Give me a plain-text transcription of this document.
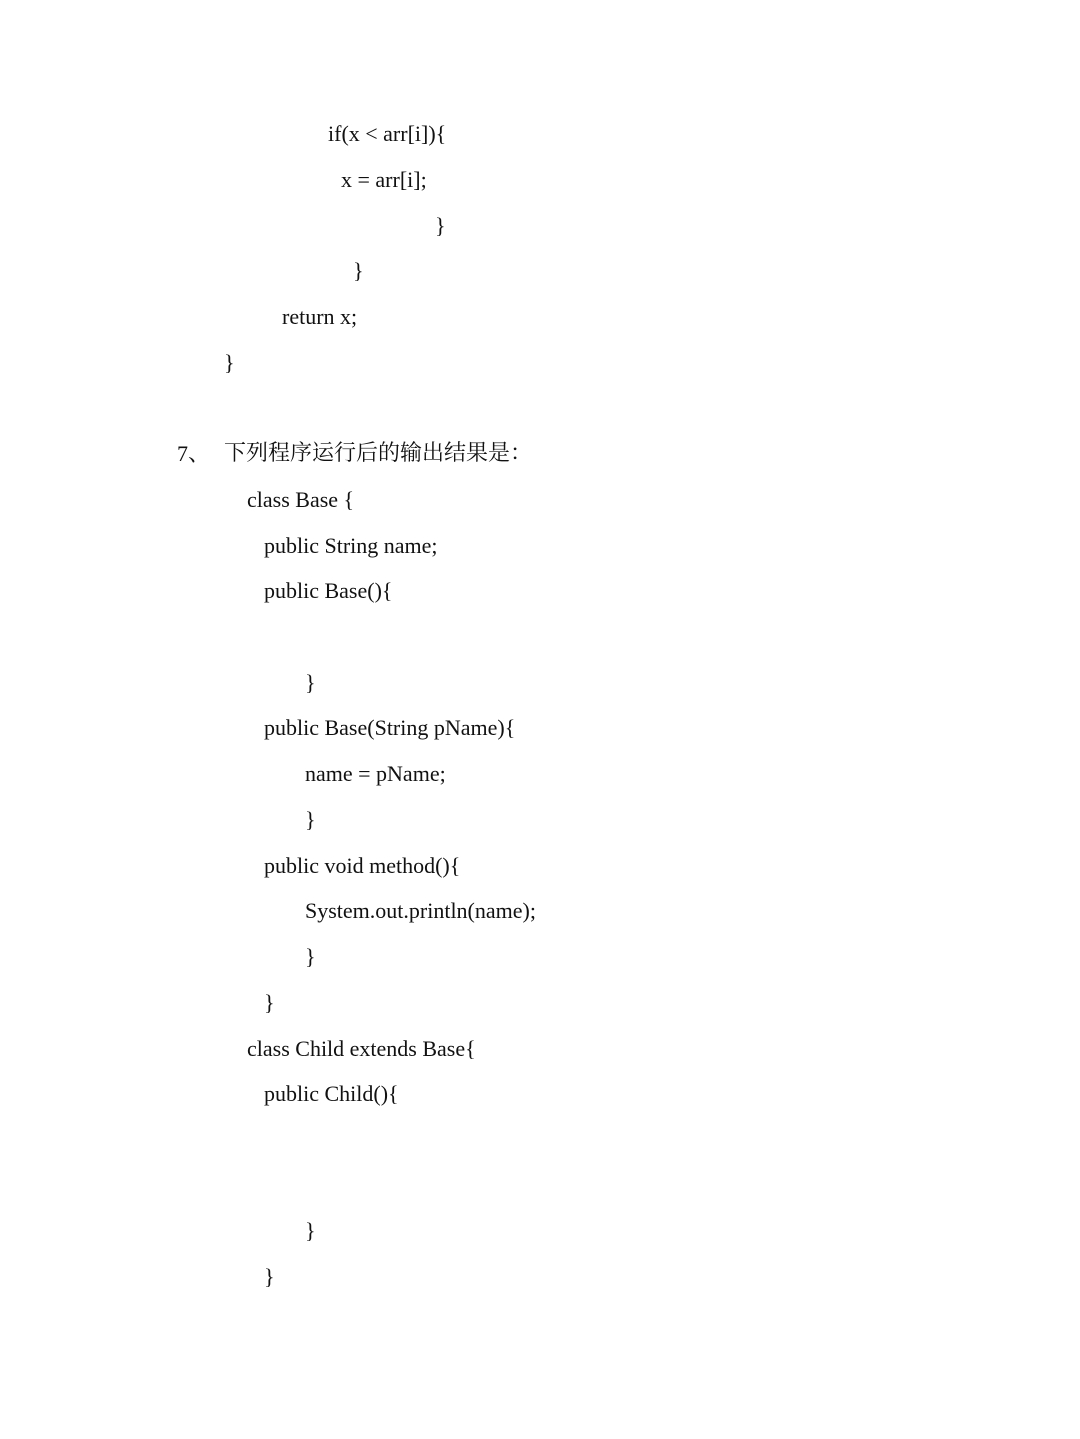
if(x < arr[i]){
x = arr[i];
}
}
return x;
}
7、 下列程序运行后的输出结果是：
class Base {
public String name;
public Base(){
}
public Base(String pName){
name = pName;
}
public void method(){
System.out.println(name);
}
}
class Child extends Base{
public Child(){
}
}
